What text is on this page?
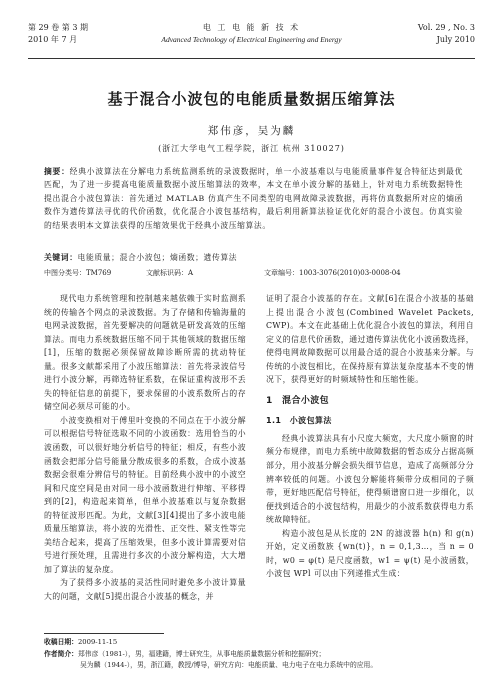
第 29 卷 第 3 期
2010 年 7 月
电 工 电 能 新 技 术
Advanced Technology of Electrical Engineering and Energy
Vol. 29 , No. 3
July 2010
基于混合小波包的电能质量数据压缩算法
郑伟彦，吴为麟
(浙江大学电气工程学院，浙江 杭州 310027)
摘要：经典小波算法在分解电力系统监测系统的录波数据时，单一小波基难以与电能质量事件复合特征达到最优匹配，为了进一步提高电能质量数据小波压缩算法的效率，本文在单小波分解的基础上，针对电力系统数据特性提出混合小波包算法：首先通过 MATLAB 仿真产生不同类型的电网故障录波数据，再将仿真数据所对应的熵函数作为遗传算法寻优的代价函数，优化混合小波包基结构，最后利用新算法验证优化好的混合小波包。仿真实验的结果表明本文算法获得的压缩效果优于经典小波压缩算法。
关键词：电能质量；混合小波包；熵函数；遗传算法
中图分类号：TM769	文献标识码：A	文章编号：1003-3076(2010)03-0008-04

现代电力系统管理和控制越来越依赖于实时监测系统的传输各个网点的录波数据。为了存储和传输海量的电网录波数据，首先要解决的问题就是研发高效的压缩算法。而电力系统数据压缩不同于其他领域的数据压缩[1]，压缩的数据必须保留故障诊断所需的扰动特征量。很多文献都采用了小波压缩算法：首先将录波信号进行小波分解，再筛选特征系数，在保证重构波形不丢失的特征信息的前提下，要求保留的小波系数所占的存储空间必须尽可能的小。

小波变换相对于傅里叶变换的不同点在于小波分解可以根据信号特征选取不同的小波函数：选用恰当的小波函数，可以很好地分析信号的特征；相反，有些小波函数会把部分信号能量分散成很多的系数，合成小波基数据会很难分辨信号的特征。目前经典小波中的小波空间和尺度空间是由对同一母小波函数进行伸缩、平移得到的[2]，构造起来简单，但单小波基难以与复杂数据的特征波形匹配。为此，文献[3][4]提出了多小波电能质量压缩算法，将小波的光滑性、正交性、紧支性等完美结合起来，提高了压缩效果，但多小波计算需要对信号进行预处理，且需进行多次的小波分解构造，大大增加了算法的复杂度。

为了获得多小波基的灵活性同时避免多小波计算量大的问题，文献[5]提出混合小波基的概念，并

证明了混合小波基的存在。文献[6]在混合小波基的基础上提出混合小波包(Combined Wavelet Packets, CWP)。本文在此基础上优化混合小波包的算法，利用自定义的信息代价函数，通过遗传算法优化小波函数选择，使得电网故障数据可以用最合适的混合小波基来分解。与传统的小波包相比，在保持原有算法复杂度基本不变的情况下，获得更好的时频域特性和压缩性能。

1　混合小波包
1.1　小波包算法

经典小波算法具有小尺度大频宽，大尺度小频窗的时频分布规律，而电力系统中故障数据的暂态成分占据高频部分，用小波基分解会损失细节信息，造成了高频部分分辨率较低的问题。小波包分解能将频带分成相同的子频带，更好地匹配信号特征，使得频谱窗口进一步细化，以便找到适合的小波包结构，用最少的小波系数获得电力系统故障特征。

构造小波包是从长度的 2N 的滤波器 h(n) 和 g(n) 开始，定义函数族 {wn(t)}，n = 0,1,3…，当 n = 0 时，w0 = φ(t) 是尺度函数，w1 = ψ(t) 是小波函数，小波包 WPl 可以由下列递推式生成：

收稿日期：2009-11-15
作者简介：郑伟彦（1981-），男，福建籍，博士研究生，从事电能质量数据分析和挖掘研究；
吴为麟（1944-），男，浙江籍，教授/博导，研究方向：电能质量、电力电子在电力系统中的应用。
